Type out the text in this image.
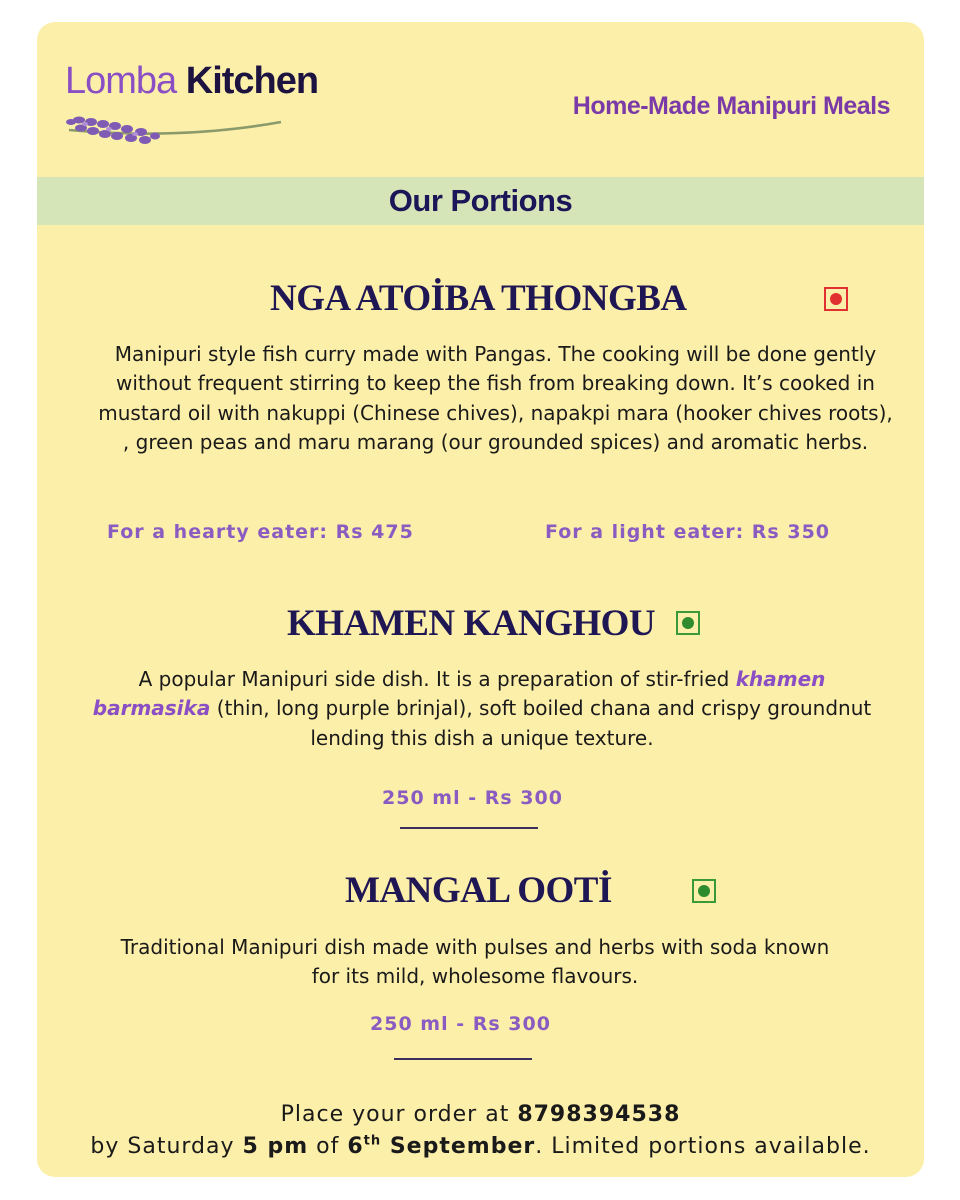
Lomba Kitchen
Home-Made Manipuri Meals
Our Portions
NGA ATOİBA THONGBA
Manipuri style fish curry made with Pangas. The cooking will be done gently without frequent stirring to keep the fish from breaking down. It’s cooked in mustard oil with nakuppi (Chinese chives), napakpi mara (hooker chives roots), , green peas and maru marang (our grounded spices) and aromatic herbs.
For a hearty eater: Rs 475	For a light eater: Rs 350
KHAMEN KANGHOU
A popular Manipuri side dish. It is a preparation of stir-fried khamen barmasika (thin, long purple brinjal), soft boiled chana and crispy groundnut lending this dish a unique texture.
250 ml - Rs 300
MANGAL OOTİ
Traditional Manipuri dish made with pulses and herbs with soda known for its mild, wholesome flavours.
250 ml - Rs 300
Place your order at 8798394538
by Saturday 5 pm of 6th September. Limited portions available.
